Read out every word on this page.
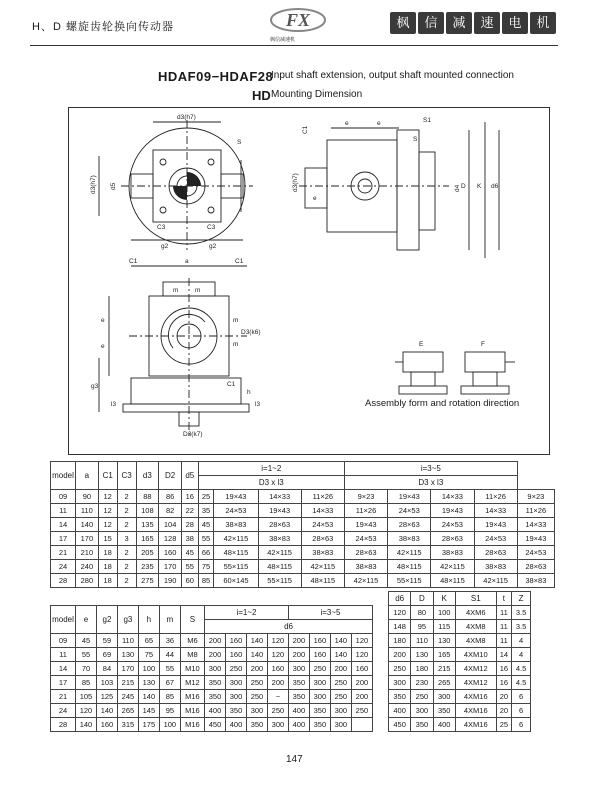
H、D 螺旋齿轮换向传动器	FX
枫信减速机
枫	信	减	速	电	机
HDAF09−HDAF28
Input shaft extension, output shaft mounted connection
HD Mounting Dimension
d3(h7)
d3(h7)
S
d5
C3	C3
g2	g2
C1
e	e
S
S1
d3(h7)	d4 D K d6
e
C1	a	C1
m	m
e	m
m
D3(k6)
e
g3	C1
h
l3	l3
D3(k7)
E	F
Assembly form and rotation direction
model	a	C1	C3	d3	D2	d5	i=1~2				i=3~5				
							D3 x l3				D3 x l3				
09	90	12	2	88	86	16	25	19×43	14×33	11×26	9×23	19×43	14×33	11×26	9×23
11	110	12	2	108	82	22	35	24×53	19×43	14×33	11×26	24×53	19×43	14×33	11×26
14	140	12	2	135	104	28	45	38×83	28×63	24×53	19×43	28×63	24×53	19×43	14×33
17	170	15	3	165	128	38	55	42×115	38×83	28×63	24×53	38×83	28×63	24×53	19×43
21	210	18	2	205	160	45	66	48×115	42×115	38×83	28×63	42×115	38×83	28×63	24×53
24	240	18	2	235	170	55	75	55×115	48×115	42×115	38×83	48×115	42×115	38×83	28×63
28	280	18	2	275	190	60	85	60×145	55×115	48×115	42×115	55×115	48×115	42×115	38×83
model	e	g2	g3	h	m	S	i=1~2				i=3~5			
							d6							
09	45	59	110	65	36	M6	200	160	140	120	200	160	140	120
11	55	69	130	75	44	M8	200	160	140	120	200	160	140	120
14	70	84	170	100	55	M10	300	250	200	160	300	250	200	160
17	85	103	215	130	67	M12	350	300	250	200	350	300	250	200
21	105	125	245	140	85	M16	350	300	250	−	350	300	250	200
24	120	140	265	145	95	M16	400	350	300	250	400	350	300	250
28	140	160	315	175	100	M16	450	400	350	300	400	350	300	
d6	D	K	S1	t	Z
120	80	100	4XM6	11	3.5
148	95	115	4XM8	11	3.5
180	110	130	4XM8	11	4
200	130	165	4XM10	14	4
250	180	215	4XM12	16	4.5
300	230	265	4XM12	16	4.5
350	250	300	4XM16	20	6
400	300	350	4XM16	20	6
450	350	400	4XM16	25	6
147
